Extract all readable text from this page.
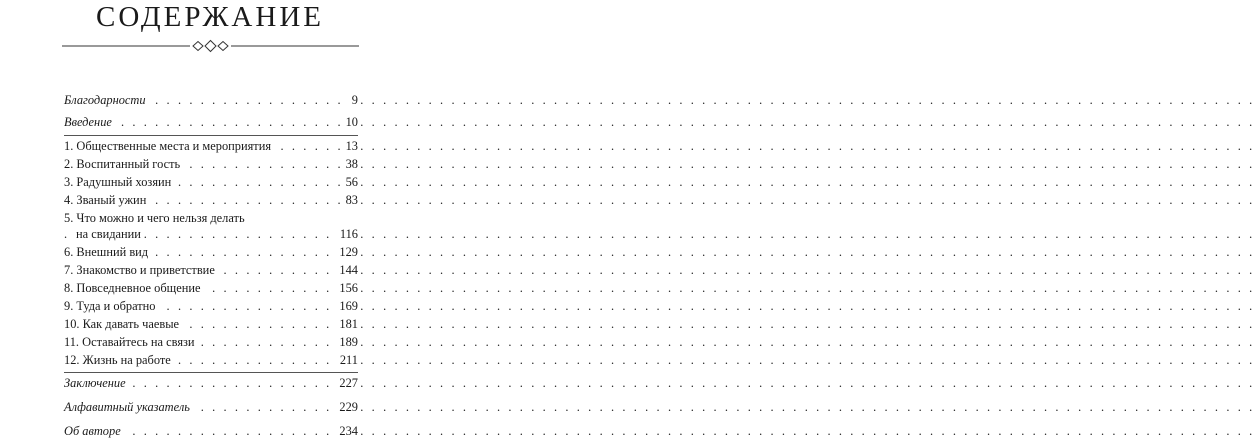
СОДЕРЖАНИЕ
. . .
Благодарности	9
. . .
Введение	10
. . .
1. Общественные места и мероприятия	13
. . .
2. Воспитанный гость	38
. . .
3. Радушный хозяин	56
. . .
4. Званый ужин	83
5. Что можно и чего нельзя делать
. . .
на свидании	116
. . .
6. Внешний вид	129
. . .
7. Знакомство и приветствие	144
. . .
8. Повседневное общение	156
. . .
9. Туда и обратно	169
. . .
10. Как давать чаевые	181
. . .
11. Оставайтесь на связи	189
. . .
12. Жизнь на работе	211
. . .
Заключение	227
. . .
Алфавитный указатель	229
. . .
Об авторе	234
